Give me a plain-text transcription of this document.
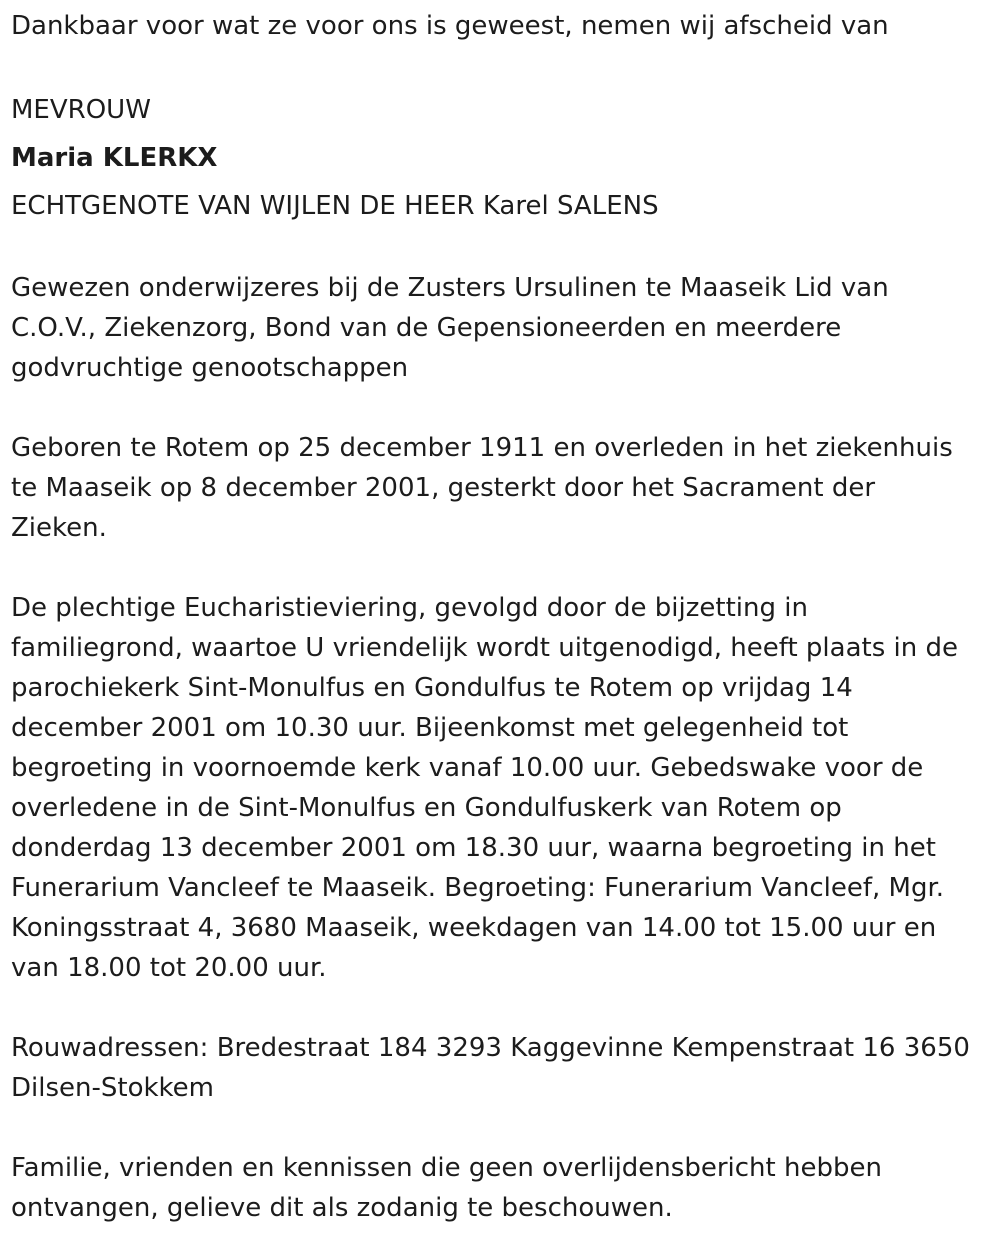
Dankbaar voor wat ze voor ons is geweest, nemen wij afscheid van
MEVROUW
Maria KLERKX
ECHTGENOTE VAN WIJLEN DE HEER Karel SALENS
Gewezen onderwijzeres bij de Zusters Ursulinen te Maaseik Lid van
C.O.V., Ziekenzorg, Bond van de Gepensioneerden en meerdere
godvruchtige genootschappen
Geboren te Rotem op 25 december 1911 en overleden in het ziekenhuis
te Maaseik op 8 december 2001, gesterkt door het Sacrament der
Zieken.
De plechtige Eucharistieviering, gevolgd door de bijzetting in
familiegrond, waartoe U vriendelijk wordt uitgenodigd, heeft plaats in de
parochiekerk Sint-Monulfus en Gondulfus te Rotem op vrijdag 14
december 2001 om 10.30 uur. Bijeenkomst met gelegenheid tot
begroeting in voornoemde kerk vanaf 10.00 uur. Gebedswake voor de
overledene in de Sint-Monulfus en Gondulfuskerk van Rotem op
donderdag 13 december 2001 om 18.30 uur, waarna begroeting in het
Funerarium Vancleef te Maaseik. Begroeting: Funerarium Vancleef, Mgr.
Koningsstraat 4, 3680 Maaseik, weekdagen van 14.00 tot 15.00 uur en
van 18.00 tot 20.00 uur.
Rouwadressen: Bredestraat 184 3293 Kaggevinne Kempenstraat 16 3650
Dilsen-Stokkem
Familie, vrienden en kennissen die geen overlijdensbericht hebben
ontvangen, gelieve dit als zodanig te beschouwen.
